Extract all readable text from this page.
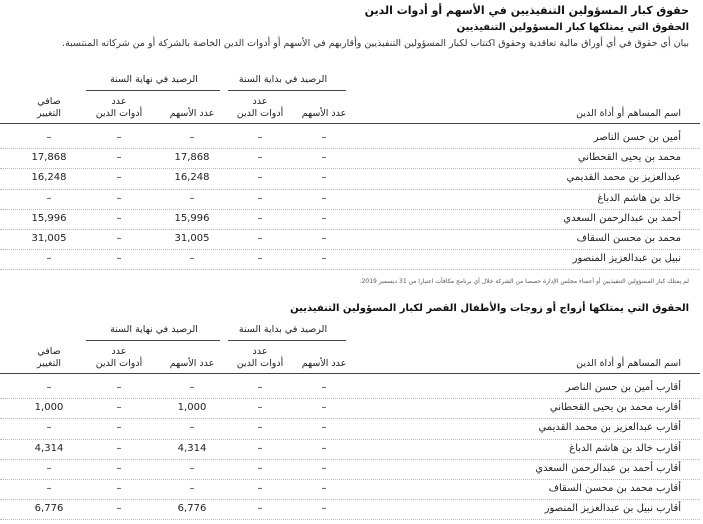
حقوق كبار المسؤولين التنفيذيين في الأسهم أو أدوات الدين
الحقوق التي يمتلكها كبار المسؤولين التنفيذيين
بيان أي حقوق في أي أوراق مالية تعاقدية وحقوق اكتتاب لكبار المسؤولين التنفيذيين وأقاربهم في الأسهم أو أدوات الدين الخاصة بالشركة أو من شركاته المنتسبة.
الرصيد في بداية السنة
الرصيد في نهاية السنة
اسم المساهم أو أداة الدين
عدد الأسهم
عدد
أدوات الدين
عدد الأسهم
عدد
أدوات الدين
صافي
التغيير
أمين بن حسن الناصر
–
–
–
–
–
محمد بن يحيى القحطاني
–
–
17,868
–
17,868
عبدالعزيز بن محمد القديمي
–
–
16,248
–
16,248
خالد بن هاشم الدباغ
–
–
–
–
–
أحمد بن عبدالرحمن السعدي
–
–
15,996
–
15,996
محمد بن محسن السقاف
–
–
31,005
–
31,005
نبيل بن عبدالعزيز المنصور
–
–
–
–
–
لم يمتلك كبار المسؤولين التنفيذيين أو أعضاء مجلس الإدارة حصصا من الشركة خلال أي برنامج مكافآت اعتبارا من 31 ديسمبر 2019.
الحقوق التي يمتلكها أزواج أو زوجات والأطفال القصر لكبار المسؤولين التنفيذيين
الرصيد في بداية السنة
الرصيد في نهاية السنة
اسم المساهم أو أداة الدين
عدد الأسهم
عدد
أدوات الدين
عدد الأسهم
عدد
أدوات الدين
صافي
التغيير
أقارب أمين بن حسن الناصر
–
–
–
–
–
أقارب محمد بن يحيى القحطاني
–
–
1,000
–
1,000
أقارب عبدالعزيز بن محمد القديمي
–
–
–
–
–
أقارب خالد بن هاشم الدباغ
–
–
4,314
–
4,314
أقارب أحمد بن عبدالرحمن السعدي
–
–
–
–
–
أقارب محمد بن محسن السقاف
–
–
–
–
–
أقارب نبيل بن عبدالعزيز المنصور
–
–
6,776
–
6,776
